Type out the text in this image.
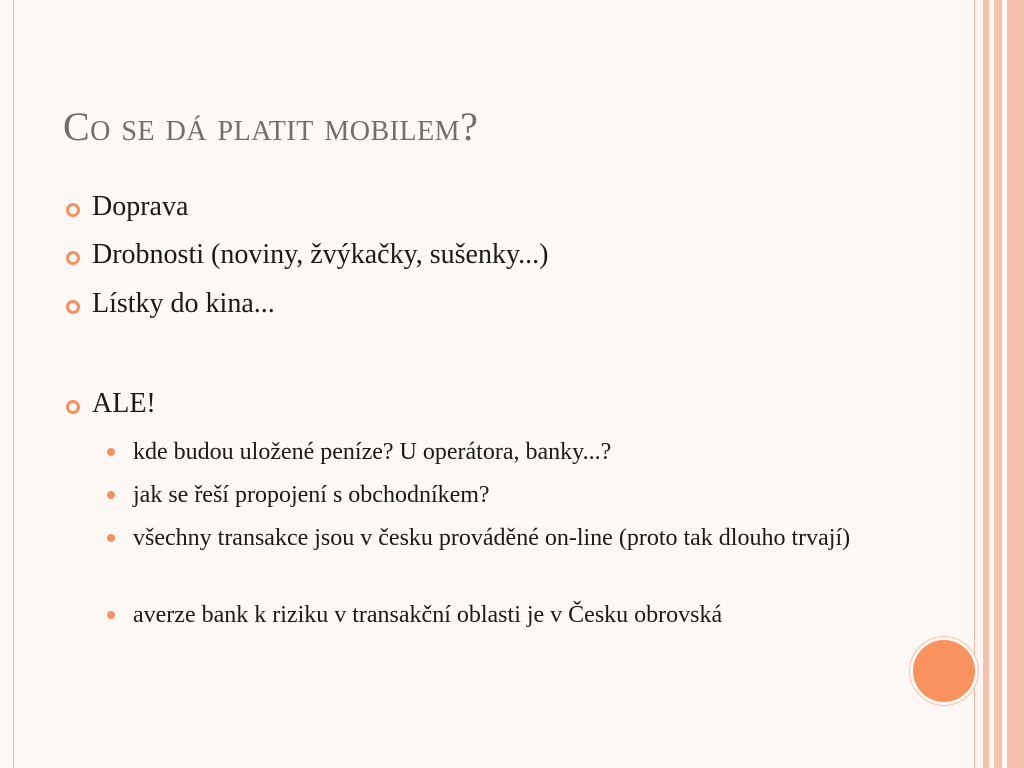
Co se dá platit mobilem?
Doprava
Drobnosti (noviny, žvýkačky, sušenky...)
Lístky do kina...
ALE!
kde budou uložené peníze? U operátora, banky...?
jak se řeší propojení s obchodníkem?
všechny transakce jsou v česku prováděné on-line (proto tak dlouho trvají)
averze bank k riziku v transakční oblasti je v Česku obrovská
